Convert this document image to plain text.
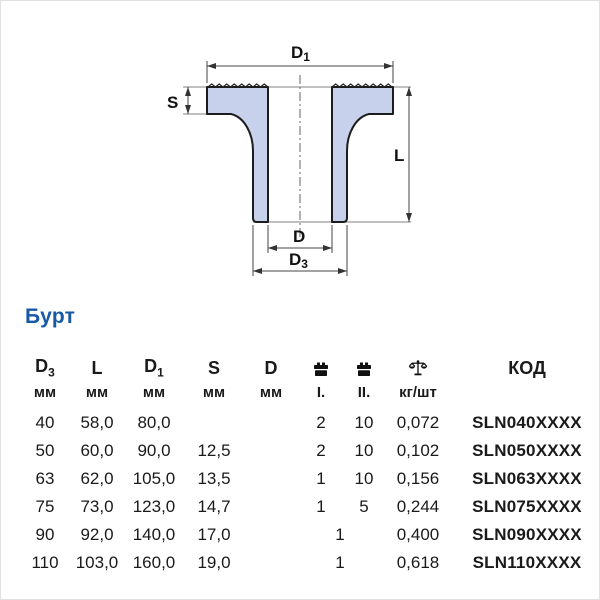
D1
S
L
D
D3
Бурт
$D_3$	L	$D_1$	S	D				КОД
мм	мм	мм	мм	мм	I.	II.	кг/шт	
40	58,0	80,0			2	10	0,072	SLN040XXXX
50	60,0	90,0	12,5		2	10	0,102	SLN050XXXX
63	62,0	105,0	13,5		1	10	0,156	SLN063XXXX
75	73,0	123,0	14,7		1	5	0,244	SLN075XXXX
90	92,0	140,0	17,0		1		0,400	SLN090XXXX
110	103,0	160,0	19,0		1		0,618	SLN110XXXX
